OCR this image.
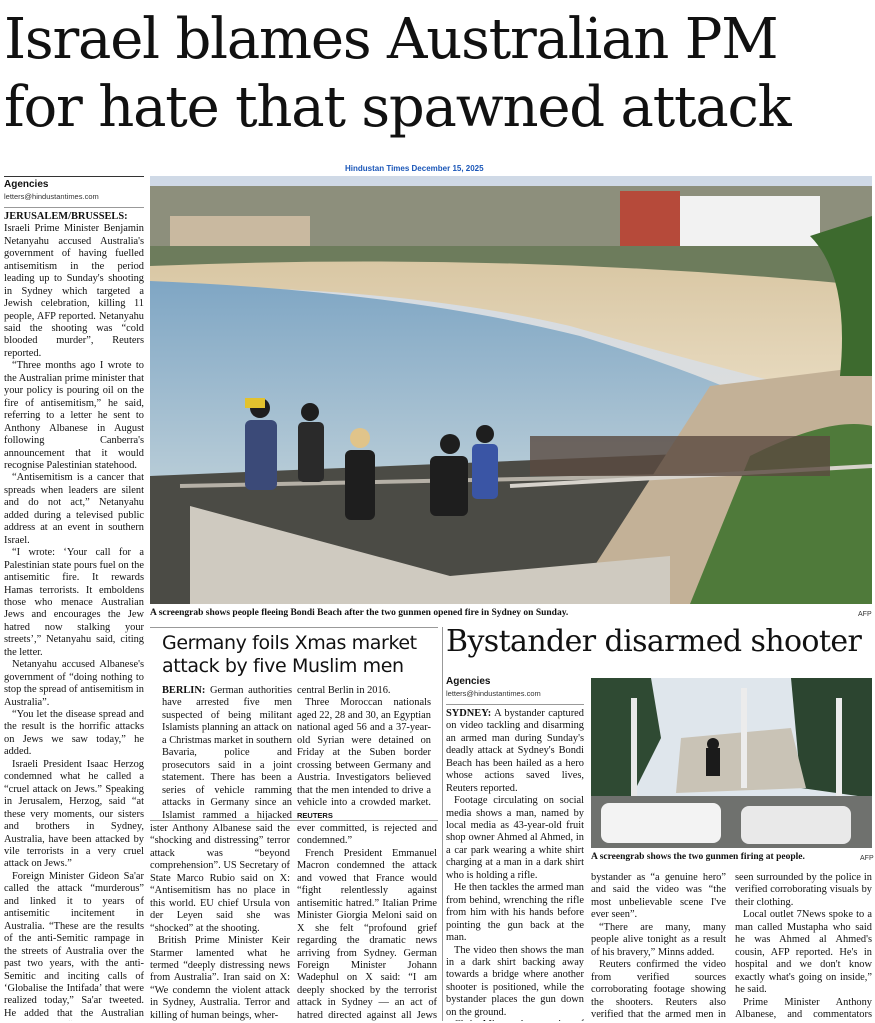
Israel blames Australian PM
for hate that spawned attack
Hindustan Times December 15, 2025
Agencies
letters@hindustantimes.com

JERUSALEM/BRUSSELS: Israeli Prime Minister Benjamin Netanyahu accused Australia's government of having fuelled antisemitism in the period leading up to Sunday's shooting in Sydney which targeted a Jewish celebration, killing 11 people, AFP reported. Netanyahu said the shooting was “cold blooded murder”, Reuters reported.

“Three months ago I wrote to the Australian prime minister that your policy is pouring oil on the fire of antisemitism,” he said, referring to a letter he sent to Anthony Albanese in August following Canberra's announcement that it would recognise Palestinian statehood.

“Antisemitism is a cancer that spreads when leaders are silent and do not act,” Netanyahu added during a televised public address at an event in southern Israel.

“I wrote: ‘Your call for a Palestinian state pours fuel on the antisemitic fire. It rewards Hamas terrorists. It emboldens those who menace Australian Jews and encourages the Jew hatred now stalking your streets’,” Netanyahu said, citing the letter.

Netanyahu accused Albanese's government of “doing nothing to stop the spread of antisemitism in Australia”.

“You let the disease spread and the result is the horrific attacks on Jews we saw today,” he added.

Israeli President Isaac Herzog condemned what he called a “cruel attack on Jews.” Speaking in Jerusalem, Herzog, said “at these very moments, our sisters and brothers in Sydney, Australia, have been attacked by vile terrorists in a very cruel attack on Jews.”

Foreign Minister Gideon Sa'ar called the attack “murderous” and linked it to years of antisemitic incitement in Australia. “These are the results of the anti-Semitic rampage in the streets of Australia over the past two years, with the anti-Semitic and inciting calls of ‘Globalise the Intifada’ that were realized today,” Sa'ar tweeted. He added that the Australian

A screengrab shows people fleeing Bondi Beach after the two gunmen opened fire in Sydney on Sunday.	AFP

ister Anthony Albanese said the “shocking and distressing” terror attack was “beyond comprehension”. US Secretary of State Marco Rubio said on X: “Antisemitism has no place in this world. EU chief Ursula von der Leyen said she was “shocked” at the shooting.

British Prime Minister Keir Starmer lamented what he termed “deeply distressing news from Australia”. Iran said on X: “We condemn the violent attack in Sydney, Australia. Terror and killing of human beings, wher-

ever committed, is rejected and condemned.”

French President Emmanuel Macron condemned the attack and vowed that France would “fight relentlessly against antisemitic hatred.” Italian Prime Minister Giorgia Meloni said on X she felt “profound grief regarding the dramatic news arriving from Sydney. German Foreign Minister Johann Wadephul on X said: “I am deeply shocked by the terrorist attack in Sydney — an act of hatred directed against all Jews

Germany foils Xmas market attack by five Muslim men

BERLIN: German authorities have arrested five men suspected of being militant Islamists planning an attack on a Christmas market in southern Bavaria, police and prosecutors said in a joint statement. There has been a series of vehicle ramming attacks in Germany since an Islamist rammed a hijacked

central Berlin in 2016.

Three Moroccan nationals aged 22, 28 and 30, an Egyptian national aged 56 and a 37-year-old Syrian were detained on Friday at the Suben border crossing between Germany and Austria. Investigators believed that the men intended to drive a vehicle into a crowded market. REUTERS

Bystander disarmed shooter
Agencies
letters@hindustantimes.com

SYDNEY: A bystander captured on video tackling and disarming an armed man during Sunday's deadly attack at Sydney's Bondi Beach has been hailed as a hero whose actions saved lives, Reuters reported.

Footage circulating on social media shows a man, named by local media as 43-year-old fruit shop owner Ahmed al Ahmed, in a car park wearing a white shirt charging at a man in a dark shirt who is holding a rifle.

He then tackles the armed man from behind, wrenching the rifle from him with his hands before pointing the gun back at the man.

The video then shows the man in a dark shirt backing away towards a bridge where another shooter is positioned, while the bystander places the gun down on the ground.

A screengrab shows the two gunmen firing at people.	AFP

bystander as “a genuine hero” and said the video was “the most unbelievable scene I've ever seen”.

“There are many, many people alive tonight as a result of his bravery,” Minns added.

Reuters confirmed the video from verified sources corroborating footage showing the shooters. Reuters also verified that the armed men in

seen surrounded by the police in verified corroborating visuals by their clothing.

Local outlet 7News spoke to a man called Mustapha who said he was Ahmed al Ahmed's cousin, AFP reported. He's in hospital and we don't know exactly what's going on inside,” he said.

Prime Minister Anthony Albanese, and commentators
